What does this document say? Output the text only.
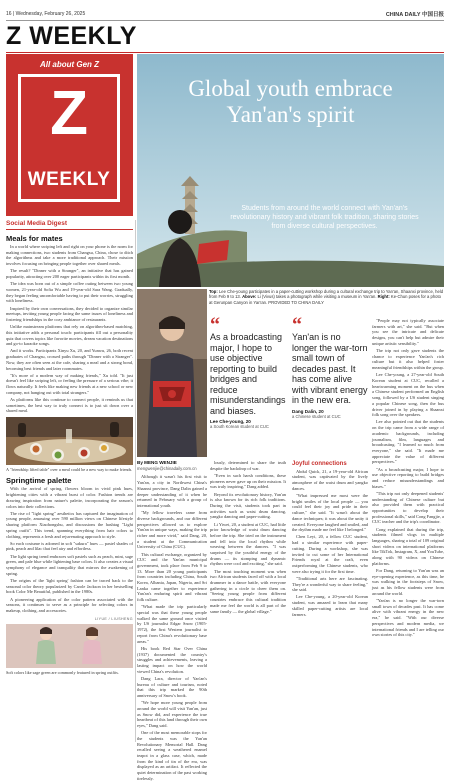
16 | Wednesday, February 26, 2025	CHINA DAILY 中国日报
Z WEEKLY
All about Gen Z
Z
WEEKLY
Social Media Digest
Meals for mates

In a world where swiping left and right on your phone is the norm for making connections, two students from Changsu, China, chose to ditch the algorithms and take a more traditional approach. Their mission involves focusing on bringing people together over shared meals.

The result? "Dinner with a Stranger", an initiative that has gained popularity, attracting over 200 eager participants within its first month.

The idea was born out of a simple coffee outing between two young women, 21-year-old Sofia Wu and 19-year-old Sara Wang. Gradually, they began feeling uncomfortable having to put their worries, struggling with loneliness.

Inspired by their own conversations, they decided to organize similar meetups, inviting young people facing the same issues of loneliness and fostering friendships in the cozy ambiance of restaurants.

Unlike mainstream platforms that rely on algorithm-based matching, this initiative adds a personal touch: participants fill out a personality quiz that covers topics like favorite movies, dream vacation destinations and go-to karaoke songs.

And it works. Participants Xinyu Xu, 20, and Yunwu, 26, both recent graduates of Changsu, crossed paths through "Dinner with a Stranger". Now, they are often seen at the cafe, sharing a meal and a strong bond, becoming best friends and later roommates.

"It's more of a modern way of making friends," Xu told. "It just doesn't feel like swiping left, or feeling the pressure of a serious vibe; it flows naturally. It feels like making new friends at a new school or new company, not hanging out with total strangers."

As platforms like this continue to connect people, it reminds us that sometimes, the best way to truly connect is to just sit down over a shared meal.

A "friendship lifted table" over a meal could be a new way to make friends.
Springtime palette

With the arrival of spring, flowers bloom in vivid pink hues, brightening cities with a vibrant burst of color. Fashion trends are drawing inspiration from nature's palette, incorporating the season's colors into their collections.

The rise of "light spring" aesthetics has captured the imagination of young people, amassing over 590 million views on Chinese lifestyle sharing platform Xiaohongshu, and discussions the hashtag "Light spring outfit". This trend, spanning everything from hair colors to clothing, represents a fresh and rejuvenating approach to style.

So each costume is adorned in soft "sakura" hues — pastel shades of pink, peach and lilac that feel airy and effortless.

The light spring trend embraces soft pastels such as peach, mint, sage green, and pale blue while lightening base colors. It also creates a visual symphony of elegance and tranquility that mirrors the awakening of spring.

The origins of the 'light spring' fashion can be traced back to the seasonal color theory popularized by Carole Jackson in her bestselling book Color Me Beautiful, published in the 1980s.

A pioneering application of the color pattern associated with the seasons, it continues to serve as a principle for selecting colors in makeup, clothing, and accessories.

LIYUE / LIUSHENG
Soft colors like sage green are commonly featured in spring outfits.
Global youth embrace
Yan'an's spirit
Students from around the world connect with Yan'an's revolutionary history and vibrant folk tradition, sharing stories from diverse cultural perspectives.
Top: Lee Che-young participates in a paper-cutting workshop during a cultural exchange trip to Yan'an, Shaanxi province, held from Feb 9 to 13. Above: Li (Vivus) takes a photograph while visiting a museum in Yan'an. Right: Ke-Chun poses for a photo at Gerunpan Canyon in Yan'an. PROVIDED TO CHINA DAILY
“
As a broadcasting major, I hope to use objective reporting to build bridges and reduce misunderstandings and biases.
Lee Che-young, 20
a South Korean student at CUC
“
Yan'an is no longer the war-torn small town of decades past. It has come alive with vibrant energy in the new era.
Dang Dalin, 20
a Chinese student at CUC
By MENG WENJIE
mengwenjie@chinadaily.com.cn

Although it wasn't his first visit to Yan'an, a city in Northwest China's Shaanxi province, Dang Dalin gained a deeper understanding of it when he returned in February with a group of international youth.

"My fellow travelers came from diverse backgrounds, and our different perspectives allowed us to explore Yan'an in unique ways, making the trip richer and more vivid," said Dang, 20, a student at the Communication University of China (CUC).

This cultural exchange, organized by CUC and the Yan'an municipal government, took place from Feb 9 to 13. More than 20 young participants from countries including China, South Korea, Albania, Japan, Nigeria, and Sri Lanka came together to experience Yan'an's enduring spirit and vibrant folk culture.

"What made the trip particularly special was that these young people walked the same ground once visited by US journalist Edgar Snow (1905-1972), the first Western journalist to report from China's revolutionary base areas."

His book Red Star Over China (1937) documented the country's struggles and achievements, leaving a lasting impact on how the world viewed China's revolution.

Dang Lara, director of Yan'an's bureau of culture and tourism, noted that this trip marked the 90th anniversary of Snow's book.

"We hope more young people from around the world will visit Yan'an, just as Snow did, and experience the true heartbeat of this land through their own eyes," Dang said.

One of the most memorable stops for the students was the Yan'an Revolutionary Memorial Hall. Dang recalled seeing a weathered enamel teapot in a glass case, which, made from the kind of tin of the era, was displayed as an artifact. It reflected the quiet determination of the past working tirelessly.

lously, determined to share the truth despite the backdrop of war.

"Even in such harsh conditions, these pioneers never gave up on their mission. It was truly inspiring," Dang added.

Beyond its revolutionary history, Yan'an is also known for its rich folk traditions. During the visit, students took part in activities such as waist drum dancing, yangko dancing and paper-cutting.

Li Yiwei, 20, a student at CUC, had little prior knowledge of waist drum dancing before the trip. She tried on the instrument and fell into the local rhythm while weaving between the dancers. "I was surprised by the youthful energy of the drums — its stomping and dynamic rhythm were cool and exciting," she said.

The most touching moment was when two African students faced off with a local drummer in a dance battle, with everyone gathering in a circle to cheer them on. "Seeing young people from different countries embrace this cultural tradition made me feel the world is all part of the same family — the global village."

Joyful connections

Abdul Quick, 21, a 19-year-old African student, was captivated by the lively atmosphere of the waist drum and yangko dances.

"What impressed me most were the bright smiles of the local people — you could feel their joy and pride in their culture," she said. "It wasn't about the dance techniques; it was about the unity it created. Everyone laughed and smiled, and the rhythm made me feel like I belonged."

Chen Leyi, 20, a fellow CUC student, had a similar experience with paper-cutting. During a workshop, she was invited to cut some of her International Friends royal at the craft, even outperforming the Chinese students, who were also trying it for the first time.

"Traditional arts here are fascinating. They're a wonderful way to share feeling," she said.

Lee Che-young, a 20-year-old Korean student, was amazed to learn that many skilled paper-cutting artists are local farmers.

"People may not typically associate farmers with art," she said. "But when you see the intricate and delicate designs, you can't help but admire their unique artistic sensibility."

The trip not only gave students the chance to experience Yan'an's rich culture but it also helped foster meaningful friendships within the group.

Lee Che-young, a 27-year-old South Korean student at CUC, recalled a heartwarming moment on the bus when a Chinese student performed an English song, followed by a US student singing a popular Chinese song, then the bus driver joined in by playing a Shaanxi folk song over the speakers.

Lee also pointed out that the students on the trip came from a wide range of academic backgrounds, including journalism, film, languages and broadcasting. "I learned so much from everyone," she said. "It made me appreciate the value of different perspectives."

"As a broadcasting major, I hope to use objective reporting to build bridges and reduce misunderstandings and biases."

"This trip not only deepened students' understanding of Chinese culture but also provided them with practical opportunities to develop their professional skills," said Cong Fangjie, a CUC teacher and the trip's coordinator.

Cong explained that during the trip, students filmed vlogs in multiple languages, sharing a total of 109 original short videos on international platforms like TikTok, Instagram, X, and YouTube, along with 90 videos on Chinese platforms.

For Dang, returning to Yan'an was an eye-opening experience, as this time, he was walking in the footsteps of Snow, just as his fellow students were from around the world.

"Yan'an is no longer the war-torn small town of decades past. It has come alive with vibrant energy in the new era," he said. "With our diverse perspectives and modern media, we international friends and I are telling our own stories of this city."
